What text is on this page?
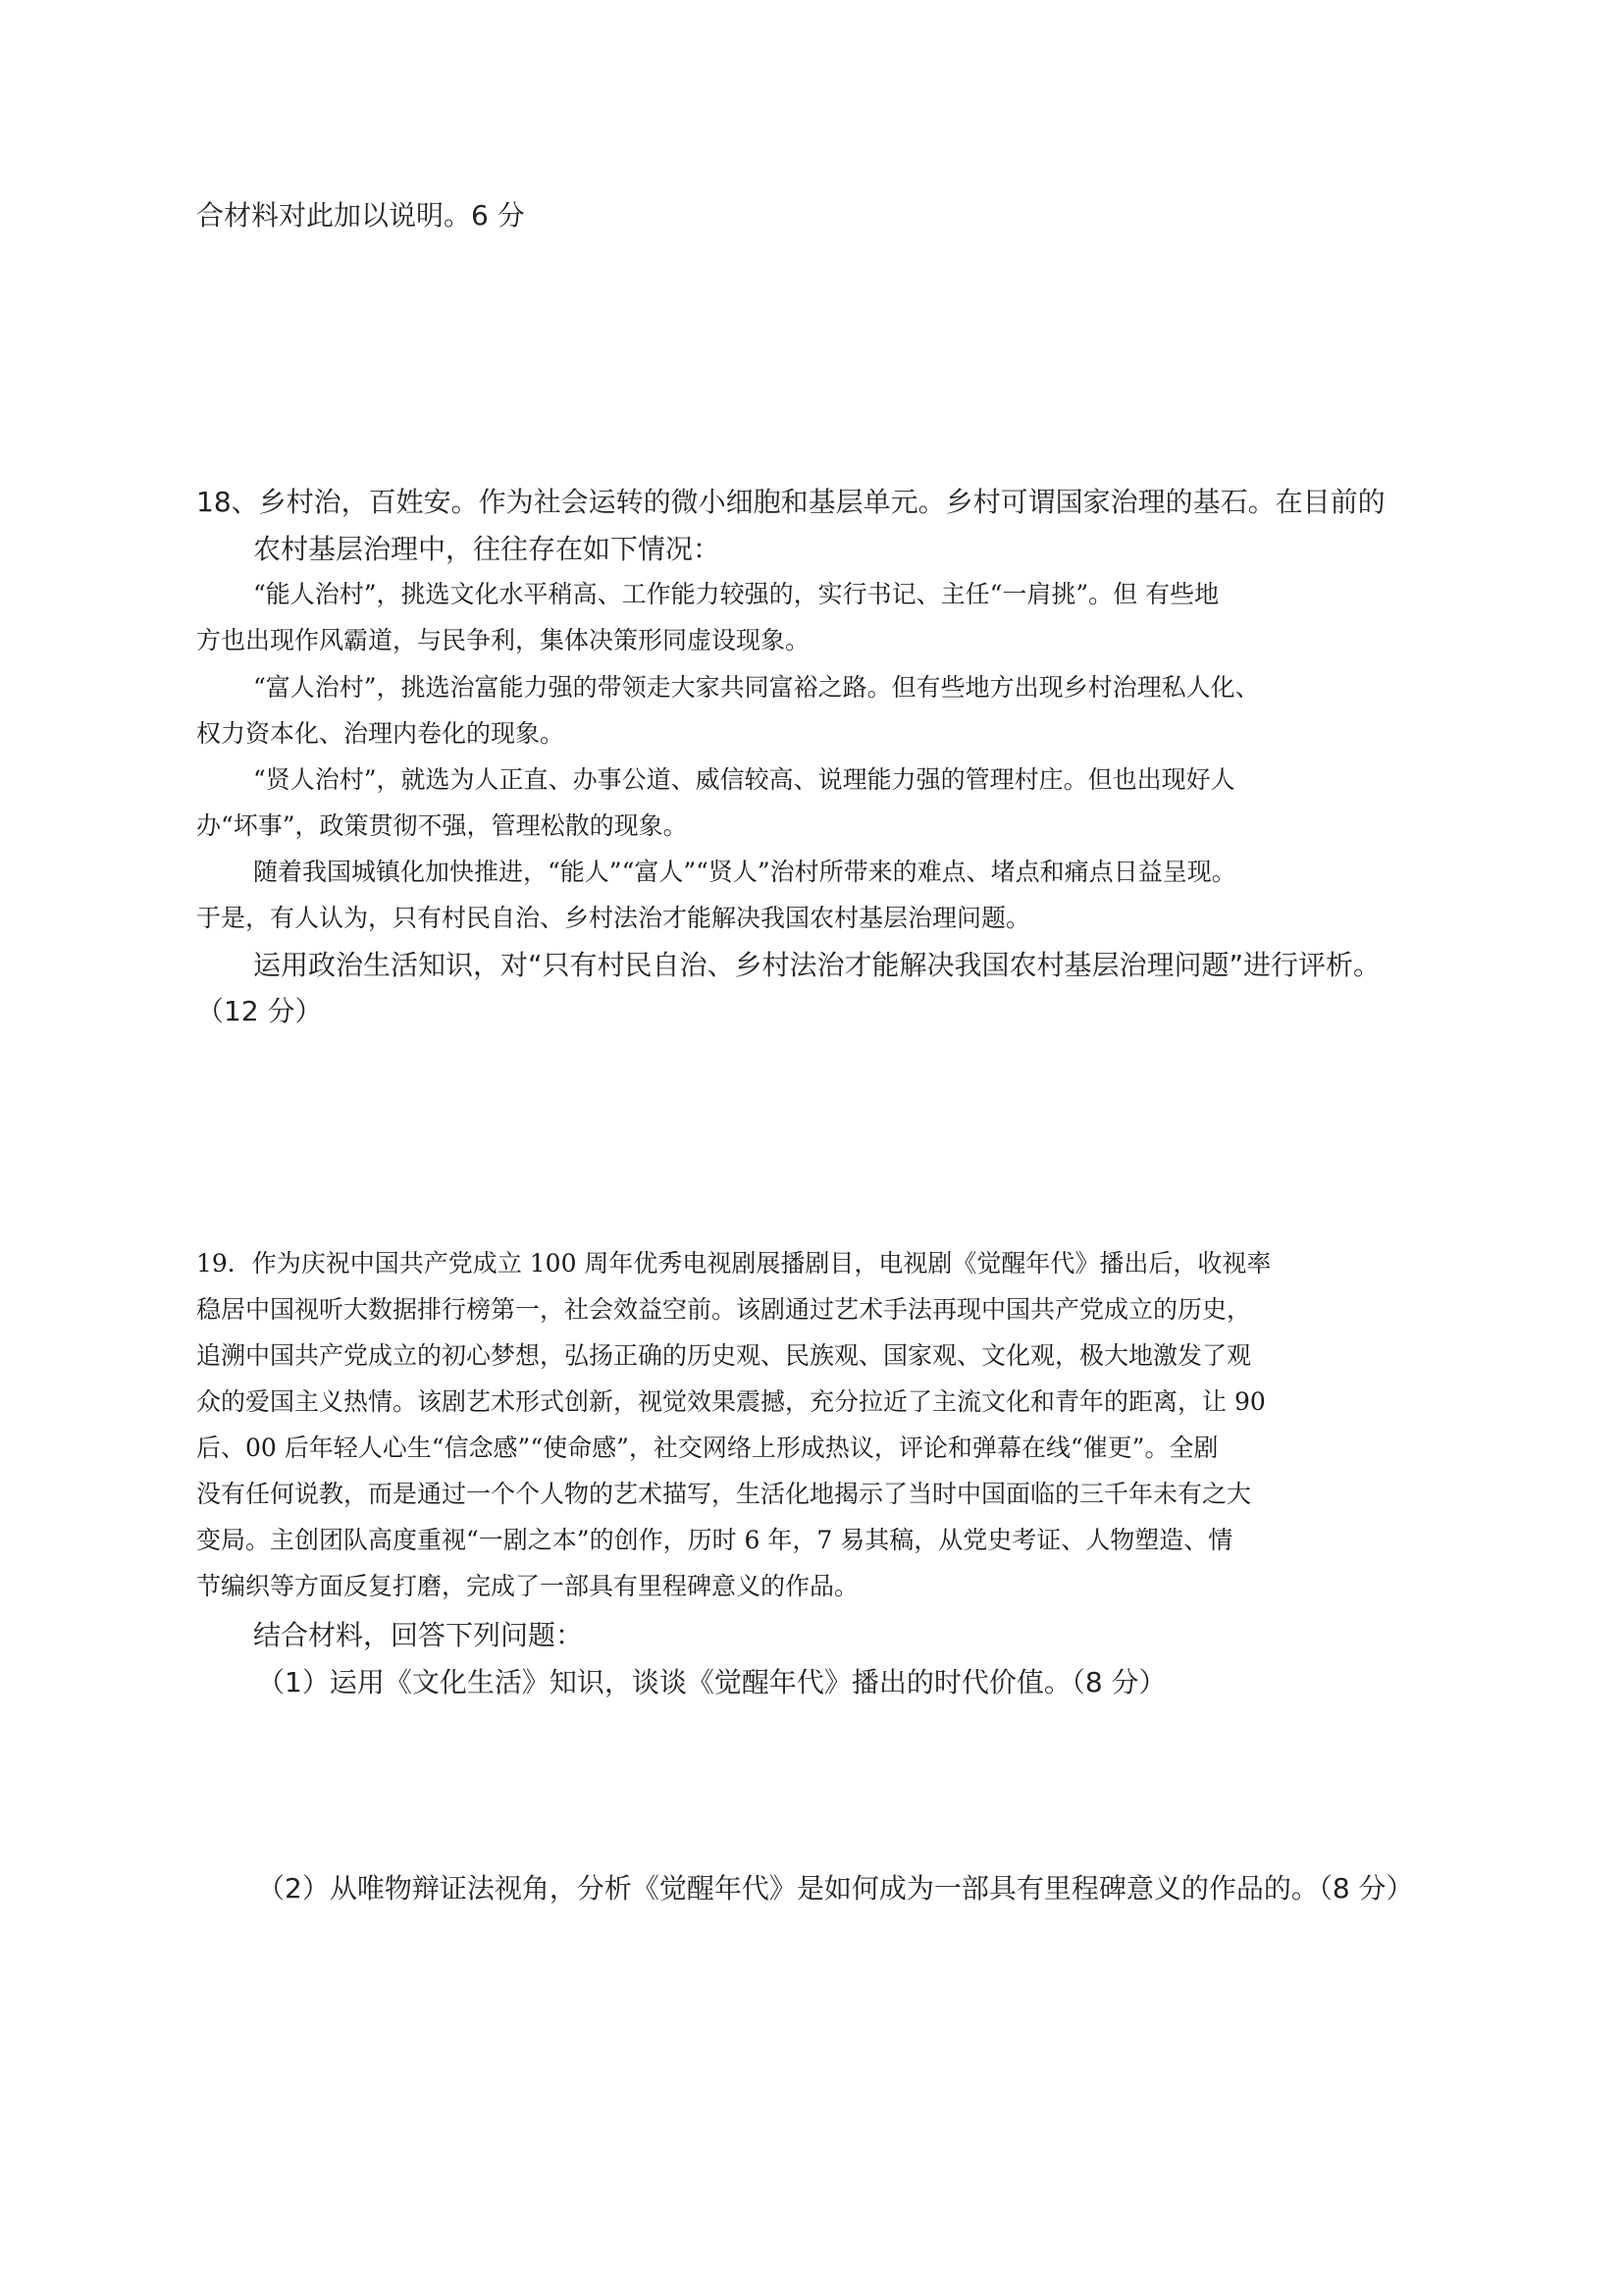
合材料对此加以说明。6 分
18、乡村治，百姓安。作为社会运转的微小细胞和基层单元。乡村可谓国家治理的基石。在目前的
农村基层治理中，往往存在如下情况：
“能人治村”，挑选文化水平稍高、工作能力较强的，实行书记、主任“一肩挑”。但 有些地
方也出现作风霸道，与民争利，集体决策形同虚设现象。
“富人治村”，挑选治富能力强的带领走大家共同富裕之路。但有些地方出现乡村治理私人化、
权力资本化、治理内卷化的现象。
“贤人治村”，就选为人正直、办事公道、威信较高、说理能力强的管理村庄。但也出现好人
办“坏事”，政策贯彻不强，管理松散的现象。
随着我国城镇化加快推进，“能人”“富人”“贤人”治村所带来的难点、堵点和痛点日益呈现。
于是，有人认为，只有村民自治、乡村法治才能解决我国农村基层治理问题。
运用政治生活知识，对“只有村民自治、乡村法治才能解决我国农村基层治理问题”进行评析。
（12 分）
19．作为庆祝中国共产党成立 100 周年优秀电视剧展播剧目，电视剧《觉醒年代》播出后，收视率
稳居中国视听大数据排行榜第一，社会效益空前。该剧通过艺术手法再现中国共产党成立的历史，
追溯中国共产党成立的初心梦想，弘扬正确的历史观、民族观、国家观、文化观，极大地激发了观
众的爱国主义热情。该剧艺术形式创新，视觉效果震撼，充分拉近了主流文化和青年的距离，让 90
后、00 后年轻人心生“信念感”“使命感”，社交网络上形成热议，评论和弹幕在线“催更”。全剧
没有任何说教，而是通过一个个人物的艺术描写，生活化地揭示了当时中国面临的三千年未有之大
变局。主创团队高度重视“一剧之本”的创作，历时 6 年，7 易其稿，从党史考证、人物塑造、情
节编织等方面反复打磨，完成了一部具有里程碑意义的作品。
结合材料，回答下列问题：
（1）运用《文化生活》知识，谈谈《觉醒年代》播出的时代价值。（8 分）
（2）从唯物辩证法视角，分析《觉醒年代》是如何成为一部具有里程碑意义的作品的。（8 分）
